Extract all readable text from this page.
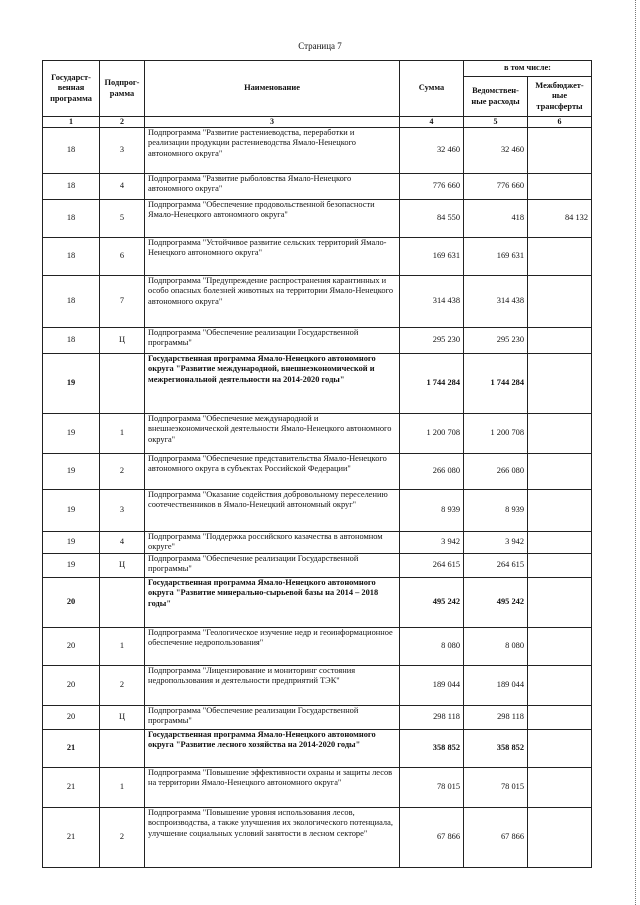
Страница 7
Государст-венная программа	Подпрог-рамма	Наименование	Сумма	в том числе:	
				Ведомствен-ные расходы	Межбюджет-ные трансферты
1	2	3	4	5	6
18	3	Подпрограмма "Развитие растениеводства, переработки и реализации продукции растениеводства Ямало-Ненецкого автономного округа"	32 460	32 460	
18	4	Подпрограмма "Развитие рыболовства Ямало-Ненецкого автономного округа"	776 660	776 660	
18	5	Подпрограмма "Обеспечение продовольственной безопасности Ямало-Ненецкого автономного округа"	84 550	418	84 132
18	6	Подпрограмма "Устойчивое развитие сельских территорий Ямало-Ненецкого автономного округа"	169 631	169 631	
18	7	Подпрограмма "Предупреждение распространения карантинных и особо опасных болезней животных на территории Ямало-Ненецкого автономного округа"	314 438	314 438	
18	Ц	Подпрограмма "Обеспечение реализации Государственной программы"	295 230	295 230	
19		Государственная программа Ямало-Ненецкого автономного округа "Развитие международной, внешнеэкономической и межрегиональной деятельности на 2014-2020 годы"	1 744 284	1 744 284	
19	1	Подпрограмма "Обеспечение международной и внешнеэкономической деятельности Ямало-Ненецкого автономного округа"	1 200 708	1 200 708	
19	2	Подпрограмма "Обеспечение представительства Ямало-Ненецкого автономного округа в субъектах Российской Федерации"	266 080	266 080	
19	3	Подпрограмма "Оказание содействия добровольному переселению соотечественников в Ямало-Ненецкий автономный округ"	8 939	8 939	
19	4	Подпрограмма "Поддержка российского казачества в автономном округе"	3 942	3 942	
19	Ц	Подпрограмма "Обеспечение реализации Государственной программы"	264 615	264 615	
20		Государственная программа Ямало-Ненецкого автономного округа "Развитие минерально-сырьевой базы на 2014 – 2018 годы"	495 242	495 242	
20	1	Подпрограмма "Геологическое изучение недр и геоинформационное обеспечение недропользования"	8 080	8 080	
20	2	Подпрограмма "Лицензирование и мониторинг состояния недропользования и деятельности предприятий ТЭК"	189 044	189 044	
20	Ц	Подпрограмма "Обеспечение реализации Государственной программы"	298 118	298 118	
21		Государственная программа Ямало-Ненецкого автономного округа "Развитие лесного хозяйства на 2014-2020 годы"	358 852	358 852	
21	1	Подпрограмма "Повышение эффективности охраны и защиты лесов на территории Ямало-Ненецкого автономного округа"	78 015	78 015	
21	2	Подпрограмма "Повышение уровня использования лесов, воспроизводства, а также улучшения их экологического потенциала, улучшение социальных условий занятости в лесном секторе"	67 866	67 866	
